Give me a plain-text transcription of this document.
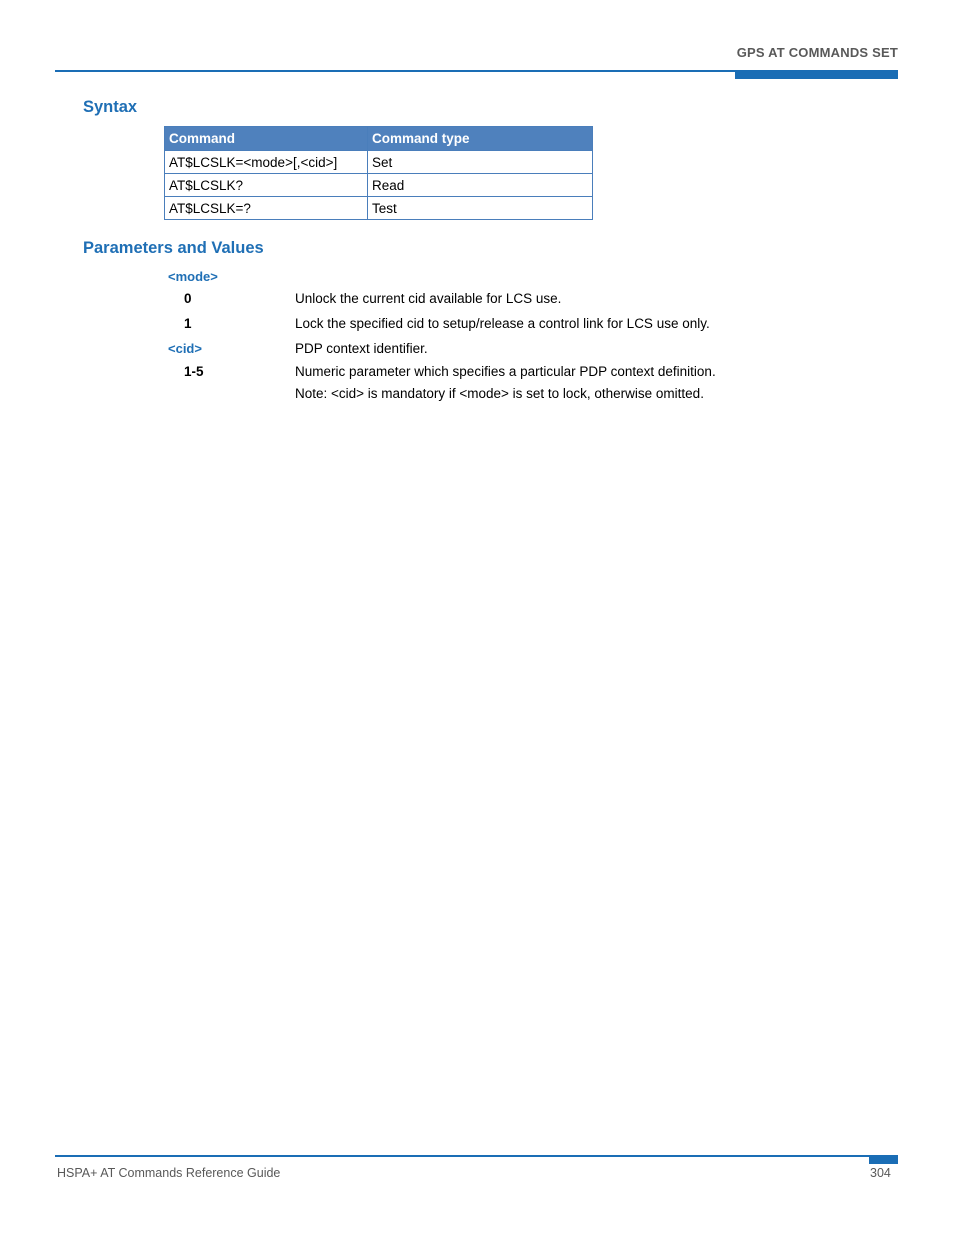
GPS AT COMMANDS SET
Syntax
Command	Command type
AT$LCSLK=<mode>[,<cid>]	Set
AT$LCSLK?	Read
AT$LCSLK=?	Test
Parameters and Values
<mode>
0	Unlock the current cid available for LCS use.
1	Lock the specified cid to setup/release a control link for LCS use only.
<cid>	PDP context identifier.
1-5	Numeric parameter which specifies a particular PDP context definition.
Note: <cid> is mandatory if <mode> is set to lock, otherwise omitted.
HSPA+ AT Commands Reference Guide	304
